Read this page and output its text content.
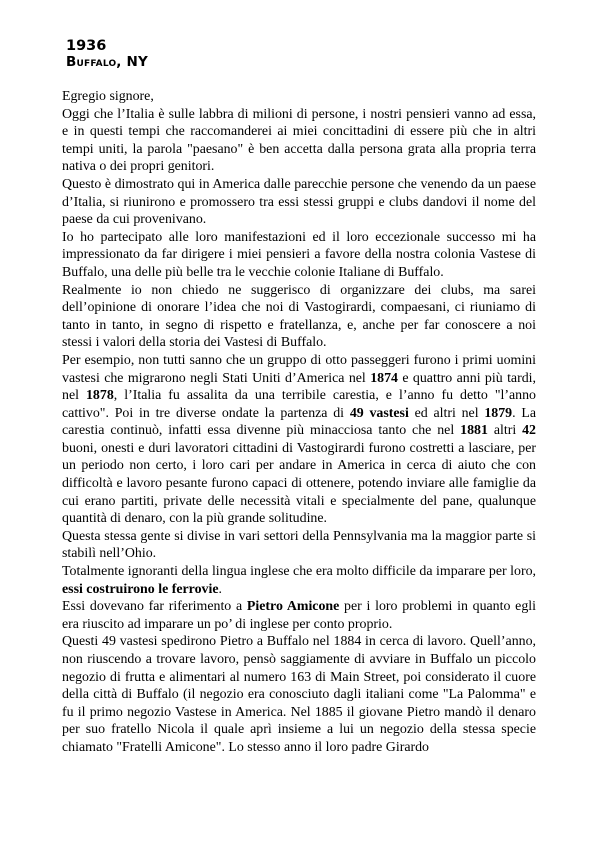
1936
Buffalo, NY

Egregio signore,

Oggi che l’Italia è sulle labbra di milioni di persone, i nostri pensieri vanno ad essa, e in questi tempi che raccomanderei ai miei concittadini di essere più che in altri tempi uniti, la parola "paesano" è ben accetta dalla persona grata alla propria terra nativa o dei propri genitori.

Questo è dimostrato qui in America dalle parecchie persone che venendo da un paese d’Italia, si riunirono e promossero tra essi stessi gruppi e clubs dandovi il nome del paese da cui provenivano.

Io ho partecipato alle loro manifestazioni ed il loro eccezionale successo mi ha impressionato da far dirigere i miei pensieri a favore della nostra colonia Vastese di Buffalo, una delle più belle tra le vecchie colonie Italiane di Buffalo.

Realmente io non chiedo ne suggerisco di organizzare dei clubs, ma sarei dell’opinione di onorare l’idea che noi di Vastogirardi, compaesani, ci riuniamo di tanto in tanto, in segno di rispetto e fratellanza, e, anche per far conoscere a noi stessi i valori della storia dei Vastesi di Buffalo.

Per esempio, non tutti sanno che un gruppo di otto passeggeri furono i primi uomini vastesi che migrarono negli Stati Uniti d’America nel 1874 e quattro anni più tardi, nel 1878, l’Italia fu assalita da una terribile carestia, e l’anno fu detto "l’anno cattivo". Poi in tre diverse ondate la partenza di 49 vastesi ed altri nel 1879. La carestia continuò, infatti essa divenne più minacciosa tanto che nel 1881 altri 42 buoni, onesti e duri lavoratori cittadini di Vastogirardi furono costretti a lasciare, per un periodo non certo, i loro cari per andare in America in cerca di aiuto che con difficoltà e lavoro pesante furono capaci di ottenere, potendo inviare alle famiglie da cui erano partiti, private delle necessità vitali e specialmente del pane, qualunque quantità di denaro, con la più grande solitudine.

Questa stessa gente si divise in vari settori della Pennsylvania ma la maggior parte si stabilì nell’Ohio.

Totalmente ignoranti della lingua inglese che era molto difficile da imparare per loro, essi costruirono le ferrovie.

Essi dovevano far riferimento a Pietro Amicone per i loro problemi in quanto egli era riuscito ad imparare un po’ di inglese per conto proprio.

Questi 49 vastesi spedirono Pietro a Buffalo nel 1884 in cerca di lavoro. Quell’anno, non riuscendo a trovare lavoro, pensò saggiamente di avviare in Buffalo un piccolo negozio di frutta e alimentari al numero 163 di Main Street, poi considerato il cuore della città di Buffalo (il negozio era conosciuto dagli italiani come "La Palomma" e fu il primo negozio Vastese in America. Nel 1885 il giovane Pietro mandò il denaro per suo fratello Nicola il quale aprì insieme a lui un negozio della stessa specie chiamato "Fratelli Amicone". Lo stesso anno il loro padre Girardo
